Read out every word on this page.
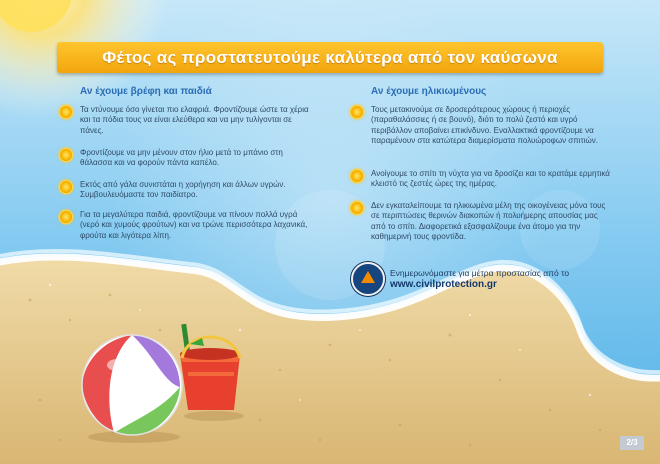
Φέτος ας προστατευτούμε καλύτερα από τον καύσωνα
Αν έχουμε βρέφη και παιδιά
Τα ντύνουμε όσο γίνεται πιο ελαφριά. Φροντίζουμε ώστε τα χέρια και τα πόδια τους να είναι ελεύθερα και να μην τυλίγονται σε πάνες.
Φροντίζουμε να μην μένουν στον ήλιο μετά το μπάνιο στη θάλασσα και να φορούν πάντα καπέλο.
Εκτός από γάλα συνιστάται η χορήγηση και άλλων υγρών. Συμβουλευόμαστε τον παιδίατρο.
Για τα μεγαλύτερα παιδιά, φροντίζουμε να πίνουν πολλά υγρά (νερό και χυμούς φρούτων) και να τρώνε περισσότερα λαχανικά, φρούτα και λιγότερα λίπη.
Αν έχουμε ηλικιωμένους
Τους μετακινούμε σε δροσερότερους χώρους ή περιοχές (παραθαλάσσιες ή σε βουνό), διότι το πολύ ζεστό και υγρό περιβάλλον αποβαίνει επικίνδυνο. Εναλλακτικά φροντίζουμε να παραμένουν στα κατώτερα διαμερίσματα πολυώροφων σπιτιών.
Ανοίγουμε το σπίτι τη νύχτα για να δροσίζει και το κρατάμε ερμητικά κλειστό τις ζεστές ώρες της ημέρας.
Δεν εγκαταλείπουμε τα ηλικιωμένα μέλη της οικογένειας μόνα τους σε περιπτώσεις θερινών διακοπών ή πολυήμερης απουσίας μας από το σπίτι. Διαφορετικά εξασφαλίζουμε ένα άτομο για την καθημερινή τους φροντίδα.
Ενημερωνόμαστε για μέτρα προστασίας από το
www.civilprotection.gr
2/3
